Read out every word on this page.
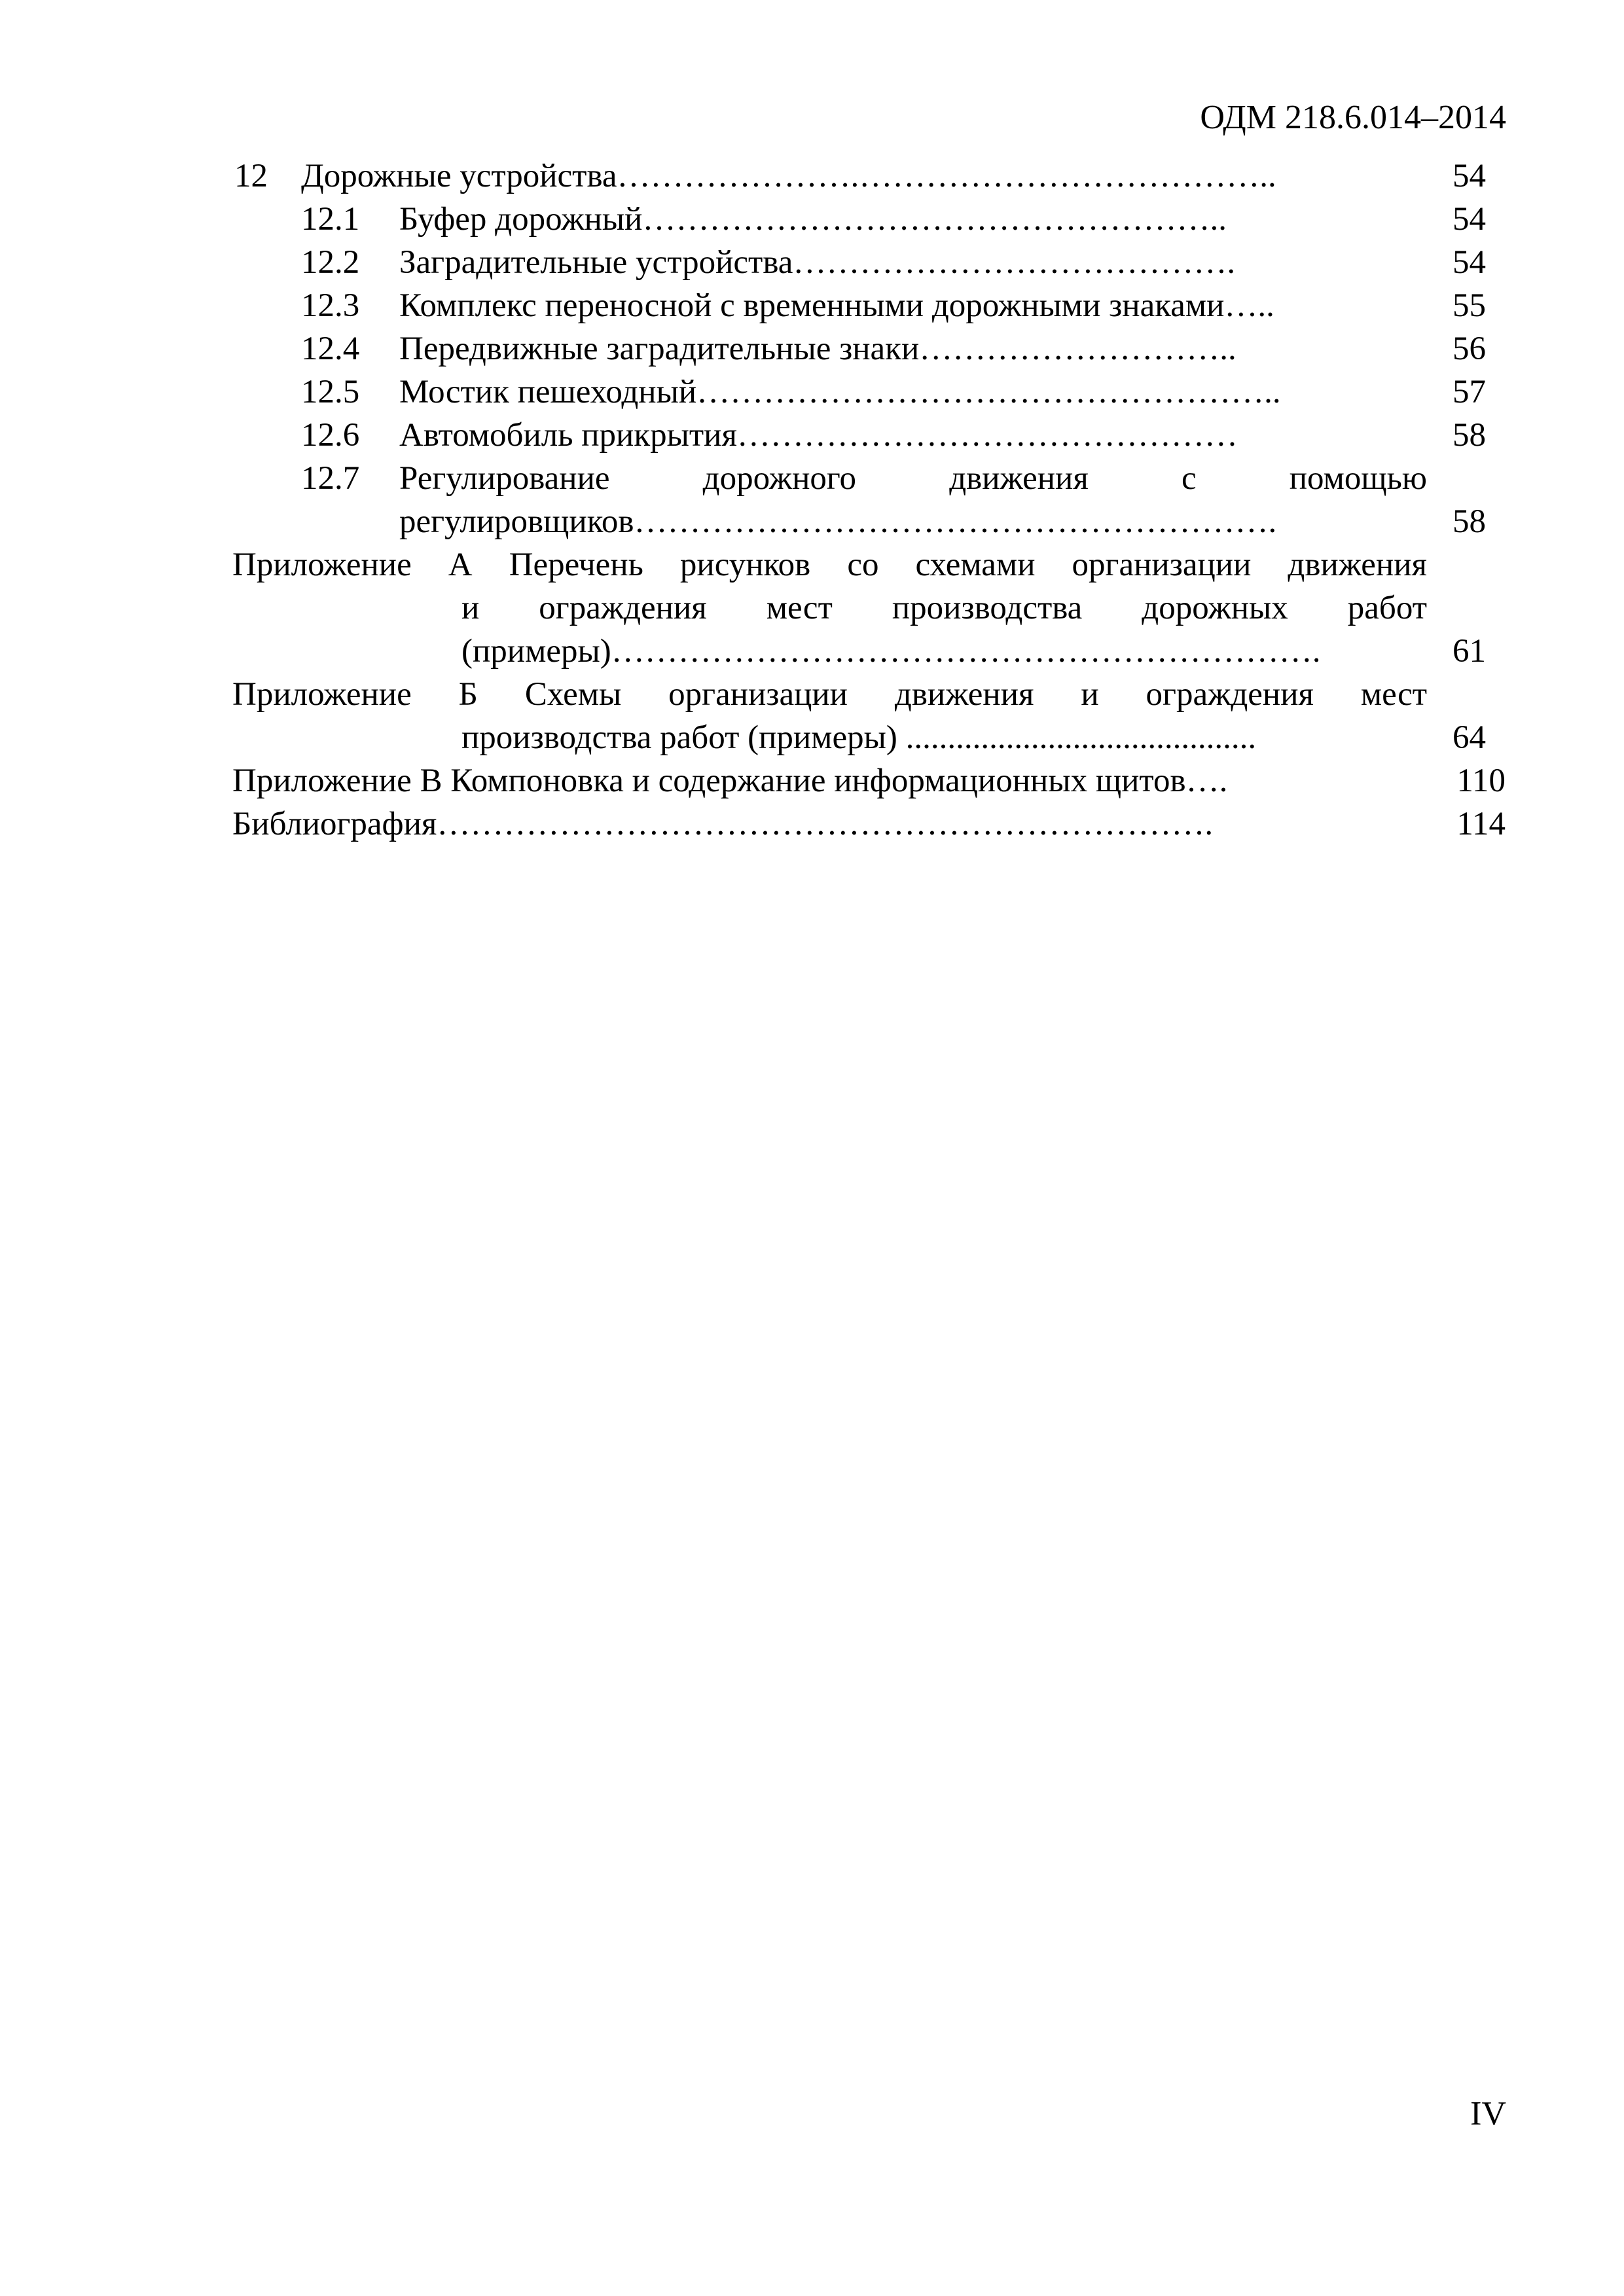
ОДМ 218.6.014–2014
12 Дорожные устройства………………….………………………………..	54
12.1 Буфер дорожный……………………………………………..	54
12.2 Заградительные устройства………………………………….	54
12.3 Комплекс переносной с временными дорожными знаками…..	55
12.4 Передвижные заградительные знаки………………………..	56
12.5 Мостик пешеходный……………………………………………..	57
12.6 Автомобиль прикрытия………………………………………	58
12.7 Регулирование дорожного движения с помощью
регулировщиков………………………………………………….	58
Приложение А Перечень рисунков со схемами организации движения
и ограждения мест производства дорожных работ
(примеры)……………………………………………………….	61
Приложение Б Схемы организации движения и ограждения мест
производства работ (примеры) ..........................................	64
Приложение В Компоновка и содержание информационных щитов….	110
Библиография…………………………………………………………….	114
IV
